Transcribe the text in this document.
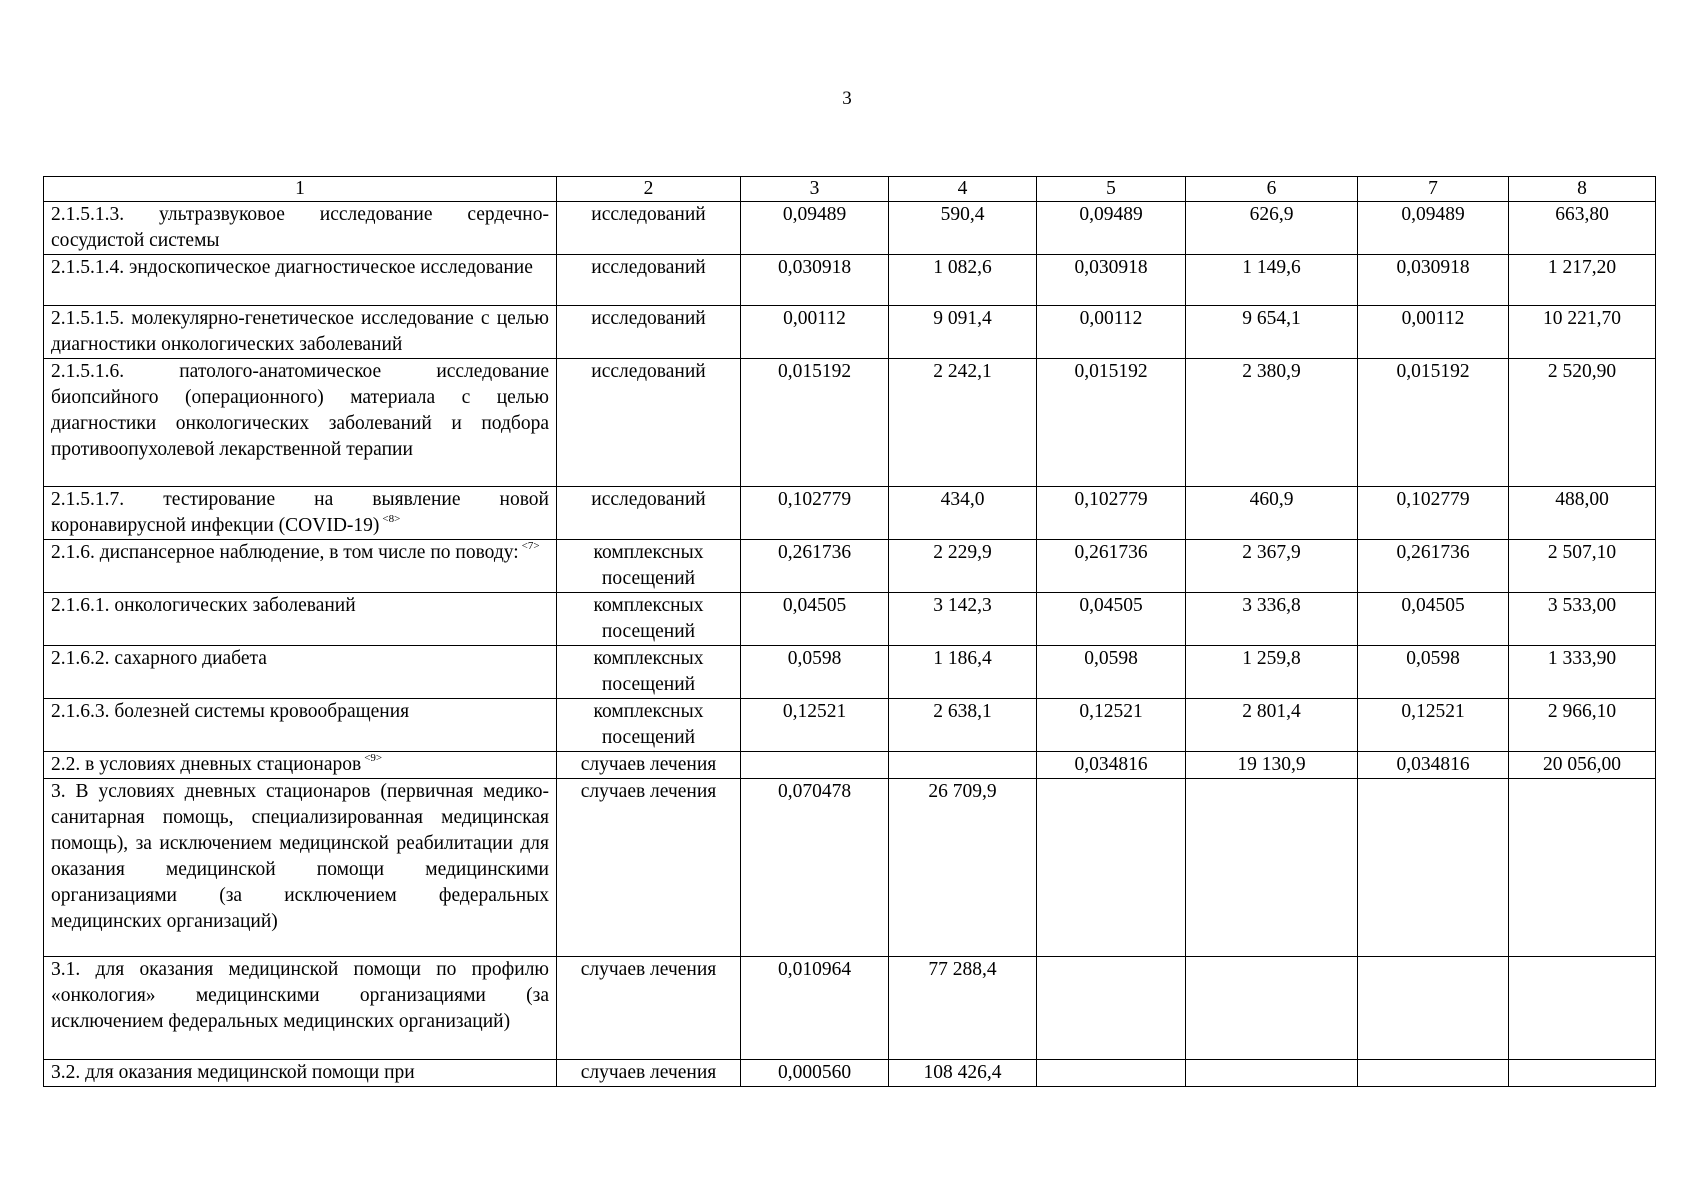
3
1	2	3	4	5	6	7	8
2.1.5.1.3. ультразвуковое исследование сердечно-сосудистой системы	исследований	0,09489	590,4	0,09489	626,9	0,09489	663,80
2.1.5.1.4. эндоскопическое диагностическое исследование	исследований	0,030918	1 082,6	0,030918	1 149,6	0,030918	1 217,20
2.1.5.1.5. молекулярно-генетическое исследование с целью диагностики онкологических заболеваний	исследований	0,00112	9 091,4	0,00112	9 654,1	0,00112	10 221,70
2.1.5.1.6. патолого-анатомическое исследование биопсийного (операционного) материала с целью диагностики онкологических заболеваний и подбора противоопухолевой лекарственной терапии	исследований	0,015192	2 242,1	0,015192	2 380,9	0,015192	2 520,90
2.1.5.1.7. тестирование на выявление новой коронавирусной инфекции (COVID-19) $^{<8>}$	исследований	0,102779	434,0	0,102779	460,9	0,102779	488,00
2.1.6. диспансерное наблюдение, в том числе по поводу: $^{<7>}$	комплексных посещений	0,261736	2 229,9	0,261736	2 367,9	0,261736	2 507,10
2.1.6.1. онкологических заболеваний	комплексных посещений	0,04505	3 142,3	0,04505	3 336,8	0,04505	3 533,00
2.1.6.2. сахарного диабета	комплексных посещений	0,0598	1 186,4	0,0598	1 259,8	0,0598	1 333,90
2.1.6.3. болезней системы кровообращения	комплексных посещений	0,12521	2 638,1	0,12521	2 801,4	0,12521	2 966,10
2.2. в условиях дневных стационаров $^{<9>}$	случаев лечения			0,034816	19 130,9	0,034816	20 056,00
3. В условиях дневных стационаров (первичная медико-санитарная помощь, специализированная медицинская помощь), за исключением медицинской реабилитации для оказания медицинской помощи медицинскими организациями (за исключением федеральных медицинских организаций)	случаев лечения	0,070478	26 709,9				
3.1. для оказания медицинской помощи по профилю «онкология» медицинскими организациями (за исключением федеральных медицинских организаций)	случаев лечения	0,010964	77 288,4				
3.2. для оказания медицинской помощи при	случаев лечения	0,000560	108 426,4				
